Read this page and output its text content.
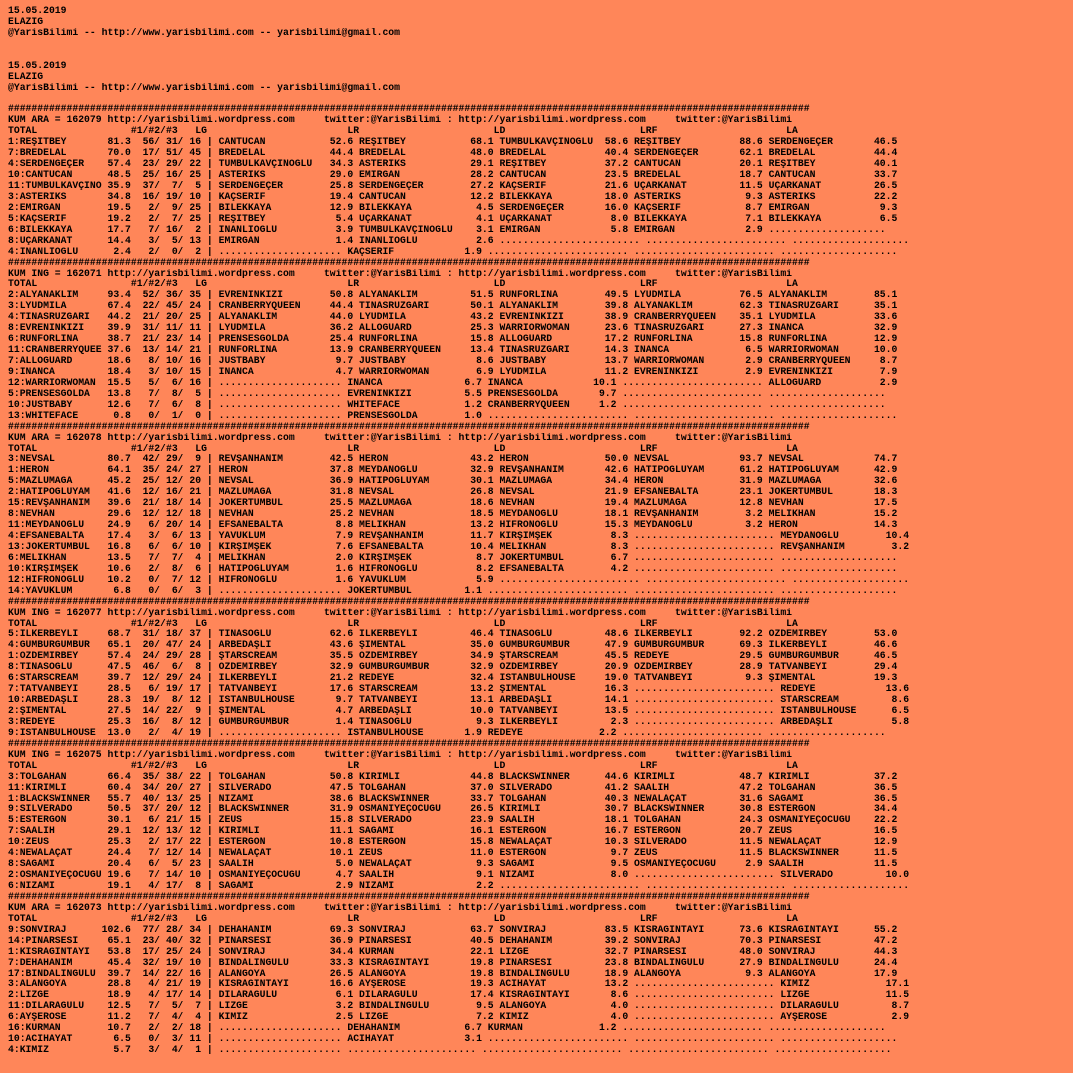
15.05.2019
ELAZIG
@YarisBilimi -- http://www.yarisbilimi.com -- yarisbilimi@gmail.com
15.05.2019
ELAZIG
@YarisBilimi -- http://www.yarisbilimi.com -- yarisbilimi@gmail.com
#########################################################################################################################################
KUM ARA = 162079 http://yarisbilimi.wordpress.com     twitter:@YarisBilimi : http://yarisbilimi.wordpress.com     twitter:@YarisBilimi
TOTAL                #1/#2/#3   LG                        LR                       LD                       LRF                      LA
1:REŞİTBEY       81.3  56/ 31/ 16 | CANTUCAN           52.6 REŞİTBEY           68.1 TUMBULKAVÇINOĞLU  58.6 REŞİTBEY          88.6 SERDENGEÇER       46.5
7:BREDELAL       70.0  17/ 51/ 45 | BREDELAL           44.4 BREDELAL           48.0 BREDELAL          40.4 SERDENGEÇER       62.1 BREDELAL          44.4
4:SERDENGEÇER    57.4  23/ 29/ 22 | TUMBULKAVÇINOĞLU   34.3 ASTERIKS           29.1 REŞİTBEY          37.2 CANTUCAN          20.1 REŞİTBEY          40.1
10:CANTUCAN      48.5  25/ 16/ 25 | ASTERIKS           29.0 EMİRGAN            28.2 CANTUCAN          23.5 BREDELAL          18.7 CANTUCAN          33.7
11:TUMBULKAVÇINO 35.9  37/  7/  5 | SERDENGEÇER        25.8 SERDENGEÇER        27.2 KAÇSERİF          21.6 UÇARKANAT         11.5 UÇARKANAT         26.5
3:ASTERIKS       34.8  16/ 19/ 10 | KAÇSERİF           19.4 CANTUCAN           12.2 BİLEKKAYA         18.0 ASTERIKS           9.3 ASTERIKS          22.2
2:EMİRGAN        19.5   2/  9/ 25 | BİLEKKAYA          12.9 BİLEKKAYA           4.5 SERDENGEÇER       16.0 KAÇSERİF           8.7 EMİRGAN            9.3
5:KAÇSERİF       19.2   2/  7/ 25 | REŞİTBEY            5.4 UÇARKANAT           4.1 UÇARKANAT          8.0 BİLEKKAYA          7.1 BİLEKKAYA          6.5
6:BİLEKKAYA      17.7   7/ 16/  2 | İNANLIOĞLU          3.9 TUMBULKAVÇINOĞLU    3.1 EMİRGAN            5.8 EMİRGAN            2.9 ....................
8:UÇARKANAT      14.4   3/  5/ 13 | EMİRGAN             1.4 İNANLIOĞLU          2.6 ........................ ........................ ....................
4:İNANLIOĞLU      2.4   2/  0/  2 | ..................... KAÇSERİF            1.9 ........................ ........................ ....................
#########################################################################################################################################
KUM ING = 162071 http://yarisbilimi.wordpress.com     twitter:@YarisBilimi : http://yarisbilimi.wordpress.com     twitter:@YarisBilimi
TOTAL                #1/#2/#3   LG                        LR                       LD                       LRF                      LA
2:ALYANAKLIM     93.4  52/ 36/ 35 | EVRENİNKIZI        50.8 ALYANAKLIM         51.5 RUNFORLINA        49.5 LYUDMILA          76.5 ALYANAKLIM        85.1
3:LYUDMILA       67.4  22/ 45/ 24 | CRANBERRYQUEEN     44.4 TINASRUZGARI       50.1 ALYANAKLIM        39.8 ALYANAKLIM        62.3 TINASRUZGARI      35.1
4:TINASRUZGARI   44.2  21/ 20/ 25 | ALYANAKLIM         44.0 LYUDMILA           43.2 EVRENİNKIZI       38.9 CRANBERRYQUEEN    35.1 LYUDMILA          33.6
8:EVRENİNKIZI    39.9  31/ 11/ 11 | LYUDMILA           36.2 ALLOGUARD          25.3 WARRIORWOMAN      23.6 TINASRUZGARI      27.3 İNANCA            32.9
6:RUNFORLINA     38.7  21/ 23/ 14 | PRENSESGOLDA       25.4 RUNFORLINA         15.8 ALLOGUARD         17.2 RUNFORLINA        15.8 RUNFORLINA        12.9
11:CRANBERRYQUEE 37.6  13/ 14/ 21 | RUNFORLINA         13.9 CRANBERRYQUEEN     13.4 TINASRUZGARI      14.3 İNANCA             6.5 WARRIORWOMAN      10.0
7:ALLOGUARD      18.6   8/ 10/ 16 | JUSTBABY            9.7 JUSTBABY            8.6 JUSTBABY          13.7 WARRIORWOMAN       2.9 CRANBERRYQUEEN     8.7
9:İNANCA         18.4   3/ 10/ 15 | İNANCA              4.7 WARRIORWOMAN        6.9 LYUDMILA          11.2 EVRENİNKIZI        2.9 EVRENİNKIZI        7.9
12:WARRIORWOMAN  15.5   5/  6/ 16 | ..................... İNANCA              6.7 İNANCA            10.1 ........................ ALLOGUARD          2.9
5:PRENSESGOLDA   13.8   7/  8/  5 | ..................... EVRENİNKIZI         5.5 PRENSESGOLDA       9.7 ........................ ....................
10:JUSTBABY      12.6   7/  6/  8 | ..................... WHITEFACE           1.2 CRANBERRYQUEEN     1.2 ........................ ....................
13:WHITEFACE      0.8   0/  1/  0 | ..................... PRENSESGOLDA        1.0 ........................ ........................ ....................
#########################################################################################################################################
KUM ARA = 162078 http://yarisbilimi.wordpress.com     twitter:@YarisBilimi : http://yarisbilimi.wordpress.com     twitter:@YarisBilimi
TOTAL                #1/#2/#3   LG                        LR                       LD                       LRF                      LA
3:NEVSAL         80.7  42/ 29/  9 | REVŞANHANIM        42.5 HERON              43.2 HERON             50.0 NEVSAL            93.7 NEVSAL            74.7
1:HERON          64.1  35/ 24/ 27 | HERON              37.8 MEYDANOĞLU         32.9 REVŞANHANIM       42.6 HATİPOĞLUYAM      61.2 HATİPOĞLUYAM      42.9
5:MAZLUMAĞA      45.2  25/ 12/ 20 | NEVSAL             36.9 HATİPOĞLUYAM       30.1 MAZLUMAĞA         34.4 HERON             31.9 MAZLUMAĞA         32.6
2:HATİPOĞLUYAM   41.6  12/ 16/ 21 | MAZLUMAĞA          31.8 NEVSAL             26.8 NEVSAL            21.9 EFSANEBALTA       23.1 JOKERTUMBUL       18.3
15:REVŞANHANIM   39.6  21/ 18/ 14 | JOKERTUMBUL        25.5 MAZLUMAĞA          18.6 NEVHAN            19.4 MAZLUMAĞA         12.8 NEVHAN            17.5
8:NEVHAN         29.6  12/ 12/ 18 | NEVHAN             25.2 NEVHAN             18.5 MEYDANOĞLU        18.1 REVŞANHANIM        3.2 MELİKHAN          15.2
11:MEYDANOĞLU    24.9   6/ 20/ 14 | EFSANEBALTA         8.8 MELİKHAN           13.2 HİFRONOĞLU        15.3 MEYDANOĞLU         3.2 HERON             14.3
4:EFSANEBALTA    17.4   3/  6/ 13 | YAVUKLUM            7.9 REVŞANHANIM        11.7 KIRŞIMŞEK          8.3 ........................ MEYDANOĞLU        10.4
13:JOKERTUMBUL   16.8   6/  6/ 10 | KIRŞIMŞEK           7.6 EFSANEBALTA        10.4 MELİKHAN           8.3 ........................ REVŞANHANIM        3.2
6:MELİKHAN       13.5   7/  7/  4 | MELİKHAN            2.0 KIRŞIMŞEK           8.7 JOKERTUMBUL        6.7 ........................ ....................
10:KIRŞIMŞEK     10.6   2/  8/  6 | HATİPOĞLUYAM        1.6 HİFRONOĞLU          8.2 EFSANEBALTA        4.2 ........................ ....................
12:HİFRONOĞLU    10.2   0/  7/ 12 | HİFRONOĞLU          1.6 YAVUKLUM            5.9 ........................ ........................ ....................
14:YAVUKLUM       6.8   0/  6/  3 | ..................... JOKERTUMBUL         1.1 ........................ ........................ ....................
#########################################################################################################################################
KUM ING = 162077 http://yarisbilimi.wordpress.com     twitter:@YarisBilimi : http://yarisbilimi.wordpress.com     twitter:@YarisBilimi
TOTAL                #1/#2/#3   LG                        LR                       LD                       LRF                      LA
5:İLKERBEYLİ     68.7  31/ 18/ 37 | TINASOĞLU          62.6 İLKERBEYLİ         46.4 TINASOĞLU         48.6 İLKERBEYLİ        92.2 ÖZDEMİRBEY        53.0
4:GÜMBÜRGÜMBÜR   65.1  20/ 47/ 24 | ARBEDAŞLI          43.6 ŞİMENTAL           35.0 GÜMBÜRGÜMBÜR      47.9 GÜMBÜRGÜMBÜR      69.3 İLKERBEYLİ        46.6
1:ÖZDEMİRBEY     57.4  24/ 29/ 28 | ŞTARSCREAM         35.5 ÖZDEMİRBEY         34.9 ŞTARSCREAM        45.5 REDEYE            29.5 GÜMBÜRGÜMBÜR      46.5
8:TINASOĞLU      47.5  46/  6/  8 | ÖZDEMİRBEY         32.9 GÜMBÜRGÜMBÜR       32.9 ÖZDEMİRBEY        20.9 ÖZDEMİRBEY        28.9 TATVANBEYİ        29.4
6:STARSCREAM     39.7  12/ 29/ 24 | İLKERBEYLİ         21.2 REDEYE             32.4 İSTANBULHOUSE     19.0 TATVANBEYİ         9.3 ŞİMENTAL          19.3
7:TATVANBEYİ     28.5   6/ 19/ 17 | TATVANBEYİ         17.6 STARSCREAM         13.2 ŞİMENTAL          16.3 ........................ REDEYE            13.6
10:ARBEDAŞLI     28.3  19/  8/ 12 | İSTANBULHOUSE       9.7 TATVANBEYİ         13.1 ARBEDAŞLI         14.1 ........................ STARSCREAM         8.6
2:ŞİMENTAL       27.5  14/ 22/  9 | ŞİMENTAL            4.7 ARBEDAŞLI          10.0 TATVANBEYİ        13.5 ........................ İSTANBULHOUSE      6.5
3:REDEYE         25.3  16/  8/ 12 | GÜMBÜRGÜMBÜR        1.4 TINASOĞLU           9.3 İLKERBEYLİ         2.3 ........................ ARBEDAŞLI          5.8
9:İSTANBULHOUSE  13.0   2/  4/ 19 | ..................... İSTANBULHOUSE       1.9 REDEYE             2.2 ........................ ....................
#########################################################################################################################################
KUM ING = 162075 http://yarisbilimi.wordpress.com     twitter:@YarisBilimi : http://yarisbilimi.wordpress.com     twitter:@YarisBilimi
TOTAL                #1/#2/#3   LG                        LR                       LD                       LRF                      LA
3:TOLGAHAN       66.4  35/ 38/ 22 | TOLGAHAN           50.8 KIRIMLI            44.8 BLACKSWINNER      44.6 KIRIMLI           48.7 KIRIMLI           37.2
11:KIRIMLI       60.4  34/ 20/ 27 | SILVERADO          47.5 TOLGAHAN           37.0 SILVERADO         41.2 SAALİH            47.2 TOLGAHAN          36.5
1:BLACKSWINNER   55.7  40/ 13/ 25 | NİZAMİ             38.6 BLACKSWINNER       33.7 TOLGAHAN          40.3 NEWALAÇAT         31.6 SAGAMİ            36.5
9:SILVERADO      50.5  37/ 20/ 12 | BLACKSWINNER       31.9 OSMANİYEÇOCUĞU     26.5 KIRIMLI           30.7 BLACKSWINNER      30.8 ESTERGON          34.4
5:ESTERGON       30.1   6/ 21/ 15 | ZEUS               15.8 SILVERADO          23.9 SAALİH            18.1 TOLGAHAN          24.3 OSMANİYEÇOCUĞU    22.2
7:SAALİH         29.1  12/ 13/ 12 | KIRIMLI            11.1 SAGAMİ             16.1 ESTERGON          16.7 ESTERGON          20.7 ZEUS              16.5
10:ZEUS          25.3   2/ 17/ 22 | ESTERGON           10.8 ESTERGON           15.8 NEWALAÇAT         10.3 SILVERADO         11.5 NEWALAÇAT         12.9
4:NEWALAÇAT      24.4   7/ 12/ 14 | NEWALAÇAT          10.1 ZEUS               11.0 ESTERGON           9.7 ZEUS              11.5 BLACKSWINNER      11.5
8:SAGAMİ         20.4   6/  5/ 23 | SAALİH              5.0 NEWALAÇAT           9.3 SAGAMİ             9.5 OSMANİYEÇOCUĞU     2.9 SAALİH            11.5
2:OSMANİYEÇOCUĞU 19.6   7/ 14/ 10 | OSMANİYEÇOCUĞU      4.7 SAALİH              9.1 NİZAMİ             8.0 ........................ SILVERADO         10.0
6:NİZAMİ         19.1   4/ 17/  8 | SAGAMİ              2.9 NİZAMİ              2.2 ........................ ........................ ....................
#########################################################################################################################################
KUM ARA = 162073 http://yarisbilimi.wordpress.com     twitter:@YarisBilimi : http://yarisbilimi.wordpress.com     twitter:@YarisBilimi
TOTAL                #1/#2/#3   LG                        LR                       LD                       LRF                      LA
9:SONVİRAJ      102.6  77/ 28/ 34 | DEHAHANIM          69.3 SONVİRAJ           63.7 SONVİRAJ          83.5 KISRAĞINTAYI      73.6 KISRAĞINTAYI      55.2
14:PINARSESİ     65.1  23/ 40/ 32 | PINARSESİ          36.9 PINARSESİ          40.5 DEHAHANIM         39.2 SONVİRAJ          70.3 PINARSESİ         47.2
1:KISRAĞINTAYI   53.8  17/ 25/ 24 | SONVİRAJ           34.4 KURMAN             22.1 LİZGE             32.7 PINARSESİ         48.0 SONVİRAJ          44.3
7:DEHAHANIM      45.4  32/ 19/ 10 | BİNDALINGÜLÜ       33.3 KISRAĞINTAYI       19.8 PINARSESİ         23.8 BİNDALINGÜLÜ      27.9 BİNDALINGÜLÜ      24.4
17:BİNDALINGÜLÜ  39.7  14/ 22/ 16 | ALANGOYA           26.5 ALANGOYA           19.8 BİNDALINGÜLÜ      18.9 ALANGOYA           9.3 ALANGOYA          17.9
3:ALANGOYA       28.8   4/ 21/ 19 | KISRAĞINTAYI       16.6 AYŞEROSE           19.3 ACIHAYAT          13.2 ........................ KIMIZ             17.1
2:LİZGE          18.9   4/ 17/ 14 | DİLARAGÜLÜ          6.1 DİLARAGÜLÜ         17.4 KISRAĞINTAYI       8.6 ........................ LİZGE             11.5
11:DİLARAGÜLÜ    12.5   7/  5/  7 | LİZGE               3.2 BİNDALINGÜLÜ        9.5 ALANGOYA           4.0 ........................ DİLARAGÜLÜ         8.7
6:AYŞEROSE       11.2   7/  4/  4 | KIMIZ               2.5 LİZGE               7.2 KIMIZ              4.0 ........................ AYŞEROSE           2.9
16:KURMAN        10.7   2/  2/ 18 | ..................... DEHAHANIM           6.7 KURMAN             1.2 ........................ ....................
10:ACIHAYAT       6.5   0/  3/ 11 | ..................... ACIHAYAT            3.1 ........................ ........................ ....................
4:KIMIZ           5.7   3/  4/  1 | ..................... ...................... ........................ ........................ ....................
